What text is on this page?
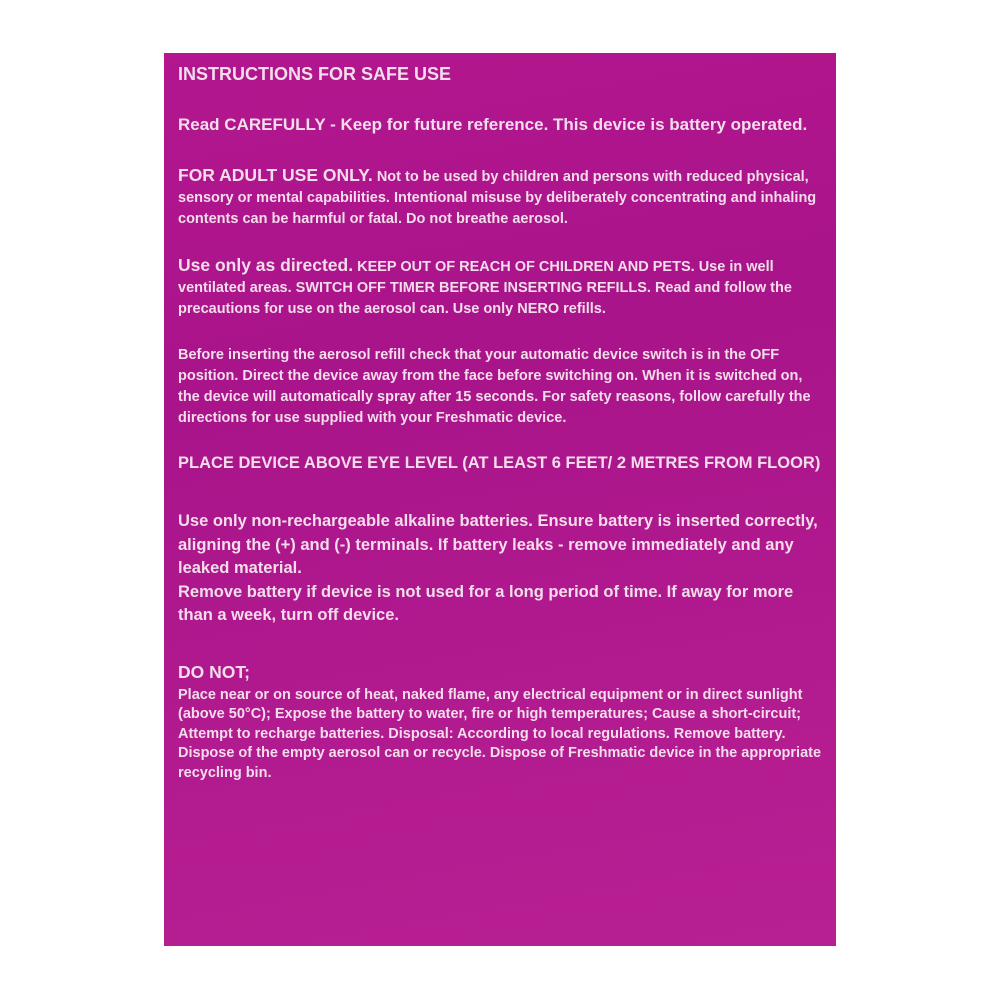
INSTRUCTIONS FOR SAFE USE
Read CAREFULLY - Keep for future reference. This device is battery operated.
FOR ADULT USE ONLY. Not to be used by children and persons with reduced physical, sensory or mental capabilities. Intentional misuse by deliberately concentrating and inhaling contents can be harmful or fatal. Do not breathe aerosol.
Use only as directed. KEEP OUT OF REACH OF CHILDREN AND PETS. Use in well ventilated areas. SWITCH OFF TIMER BEFORE INSERTING REFILLS. Read and follow the precautions for use on the aerosol can. Use only NERO refills.
Before inserting the aerosol refill check that your automatic device switch is in the OFF position. Direct the device away from the face before switching on. When it is switched on, the device will automatically spray after 15 seconds. For safety reasons, follow carefully the directions for use supplied with your Freshmatic device.
PLACE DEVICE ABOVE EYE LEVEL (AT LEAST 6 FEET/ 2 METRES FROM FLOOR)
Use only non-rechargeable alkaline batteries. Ensure battery is inserted correctly, aligning the (+) and (-) terminals. If battery leaks - remove immediately and any leaked material.
Remove battery if device is not used for a long period of time. If away for more than a week, turn off device.
DO NOT;
Place near or on source of heat, naked flame, any electrical equipment or in direct sunlight (above 50°C); Expose the battery to water, fire or high temperatures; Cause a short-circuit;
Attempt to recharge batteries. Disposal: According to local regulations. Remove battery.
Dispose of the empty aerosol can or recycle. Dispose of Freshmatic device in the appropriate recycling bin.
